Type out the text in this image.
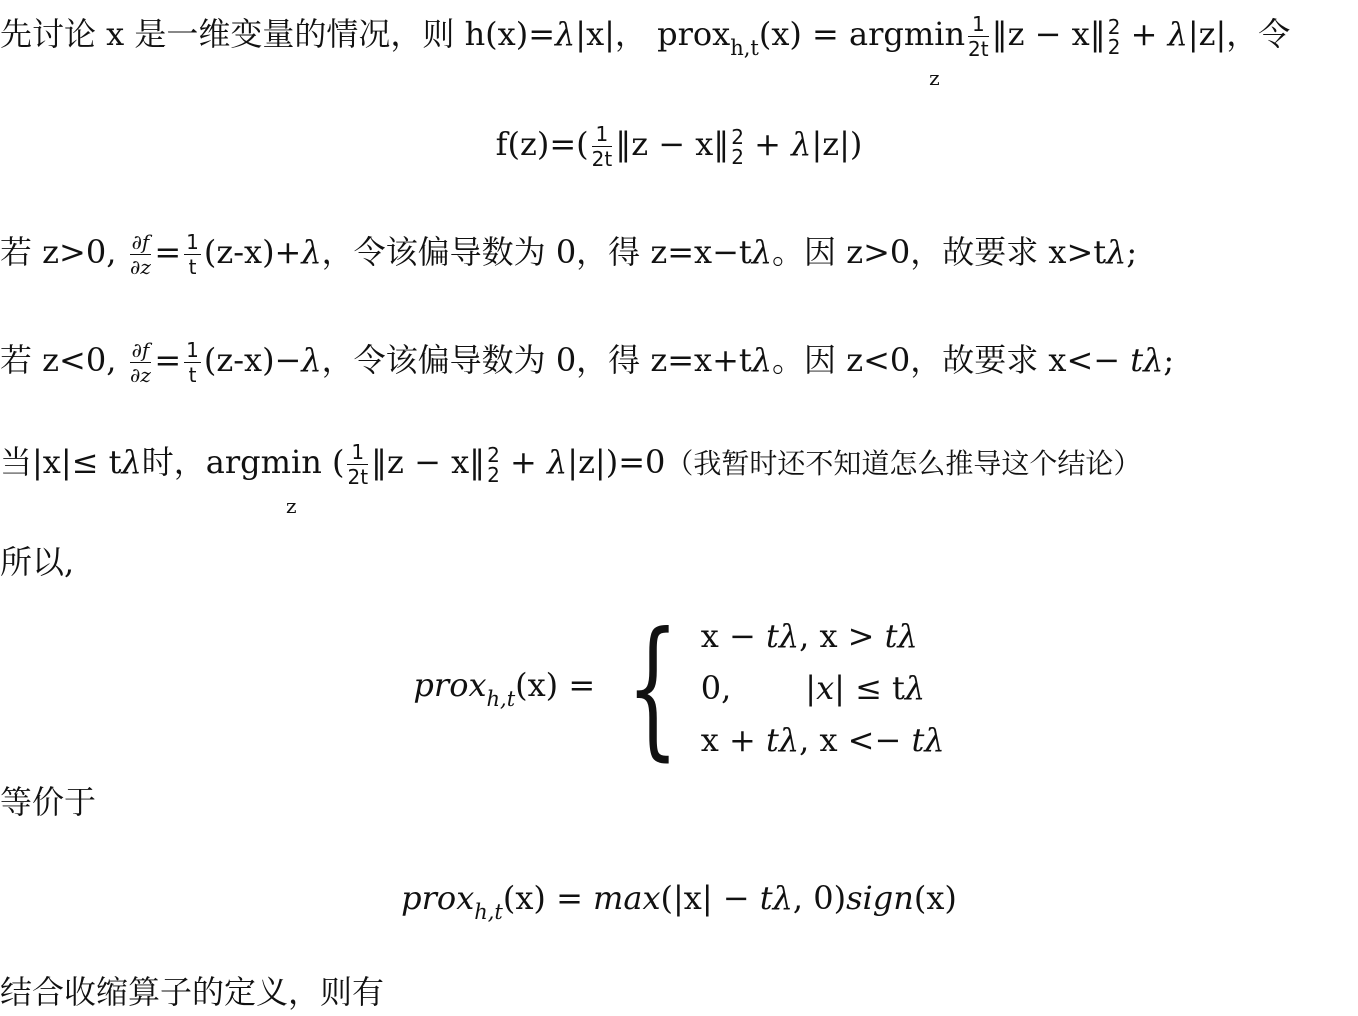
先讨论 x 是一维变量的情况，则 h(x)=λ|x|， prox$_{h,t}$(x) = argmin
z
$\frac{1}{2t}$ ‖z − x‖ 2
2 + λ|z|，令
$f(z)=( \frac{1}{2t}$ ‖z − x‖ 2
2 + λ|z|)
若 z>0, $\frac{\partial f}{\partial z} = \frac{1}{t} (z-x)+\lambda$，令该偏导数为 0，得 z=x−tλ。因 z>0，故要求 x>tλ;
若 z<0, $\frac{\partial f}{\partial z} = \frac{1}{t} (z-x)-\lambda$，令该偏导数为 0，得 z=x+tλ。因 z<0，故要求 x<− tλ;
当|x|≤ tλ时，argmin
z
( $\frac{1}{2t}$ ‖z − x‖ 2
2 + λ|z|)=0（我暂时还不知道怎么推导这个结论）
所以,
prox$_{h,t}$(x) = { x − tλ, x > tλ
0, |x| ≤ tλ
x + tλ, x <− tλ
等价于
prox$_{h,t}$(x) = max(|x| − tλ, 0)sign(x)
结合收缩算子的定义，则有
